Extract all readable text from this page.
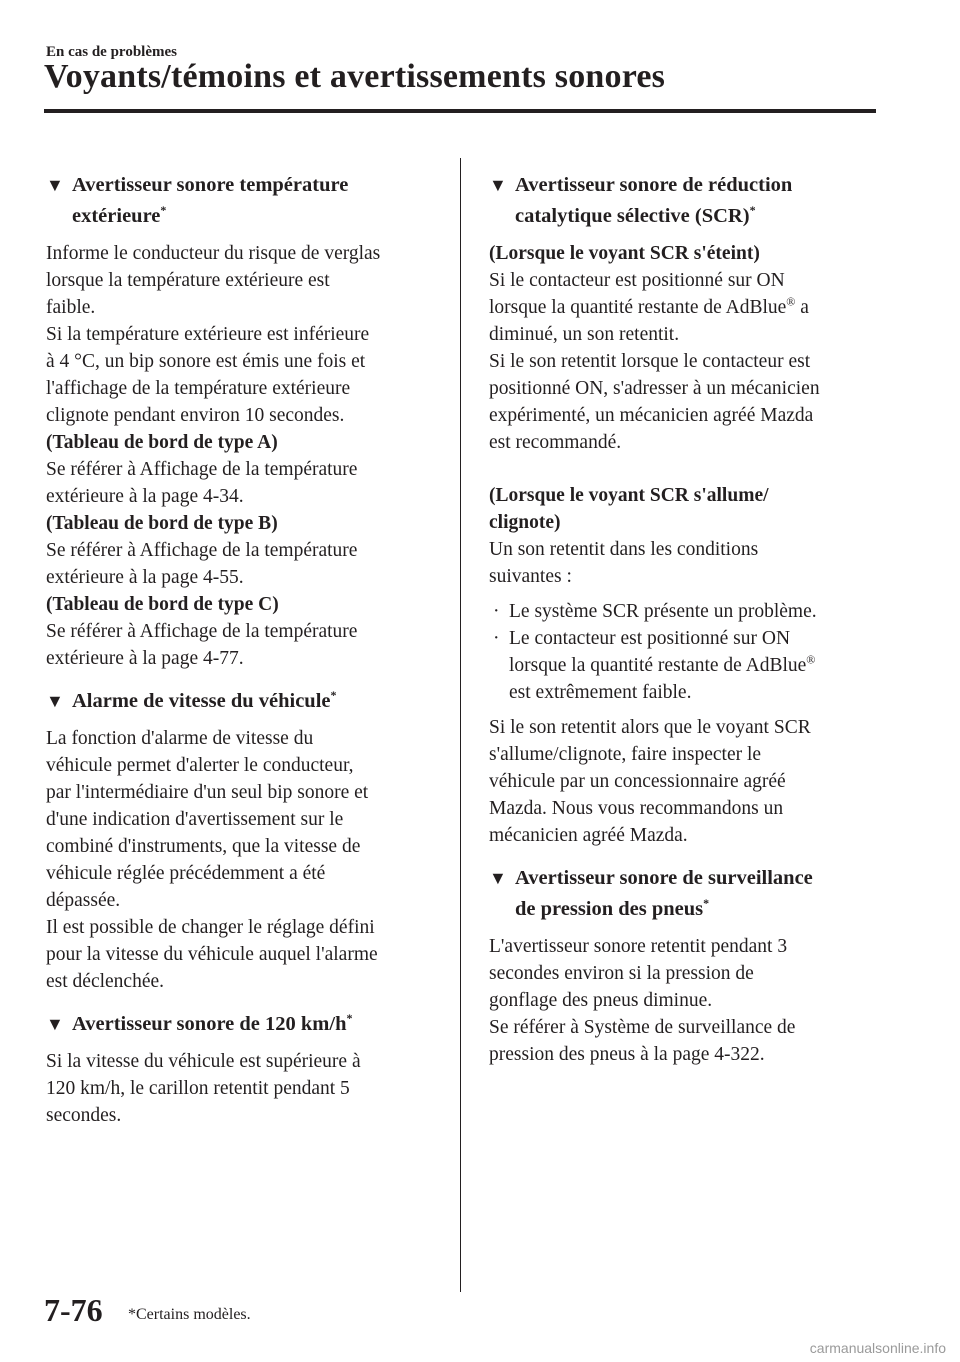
En cas de problèmes
Voyants/témoins et avertissements sonores

▼ Avertisseur sonore température

extérieure*

Informe le conducteur du risque de verglas

lorsque la température extérieure est

faible.

Si la température extérieure est inférieure

à 4 °C, un bip sonore est émis une fois et

l'affichage de la température extérieure

clignote pendant environ 10 secondes.

(Tableau de bord de type A)

Se référer à Affichage de la température

extérieure à la page 4-34.

(Tableau de bord de type B)

Se référer à Affichage de la température

extérieure à la page 4-55.

(Tableau de bord de type C)

Se référer à Affichage de la température

extérieure à la page 4-77.

▼ Alarme de vitesse du véhicule*

La fonction d'alarme de vitesse du

véhicule permet d'alerter le conducteur,

par l'intermédiaire d'un seul bip sonore et

d'une indication d'avertissement sur le

combiné d'instruments, que la vitesse de

véhicule réglée précédemment a été

dépassée.

Il est possible de changer le réglage défini

pour la vitesse du véhicule auquel l'alarme

est déclenchée.

▼ Avertisseur sonore de 120 km/h*

Si la vitesse du véhicule est supérieure à

120 km/h, le carillon retentit pendant 5

secondes.

▼ Avertisseur sonore de réduction

catalytique sélective (SCR)*

(Lorsque le voyant SCR s'éteint)

Si le contacteur est positionné sur ON

lorsque la quantité restante de AdBlue® a

diminué, un son retentit.

Si le son retentit lorsque le contacteur est

positionné ON, s'adresser à un mécanicien

expérimenté, un mécanicien agréé Mazda

est recommandé.

(Lorsque le voyant SCR s'allume/

clignote)

Un son retentit dans les conditions

suivantes :

· Le système SCR présente un problème.

· Le contacteur est positionné sur ON

lorsque la quantité restante de AdBlue®

est extrêmement faible.

Si le son retentit alors que le voyant SCR

s'allume/clignote, faire inspecter le

véhicule par un concessionnaire agréé

Mazda. Nous vous recommandons un

mécanicien agréé Mazda.

▼ Avertisseur sonore de surveillance

de pression des pneus*

L'avertisseur sonore retentit pendant 3

secondes environ si la pression de

gonflage des pneus diminue.

Se référer à Système de surveillance de

pression des pneus à la page 4-322.

7-76 *Certains modèles.
carmanualsonline.info
